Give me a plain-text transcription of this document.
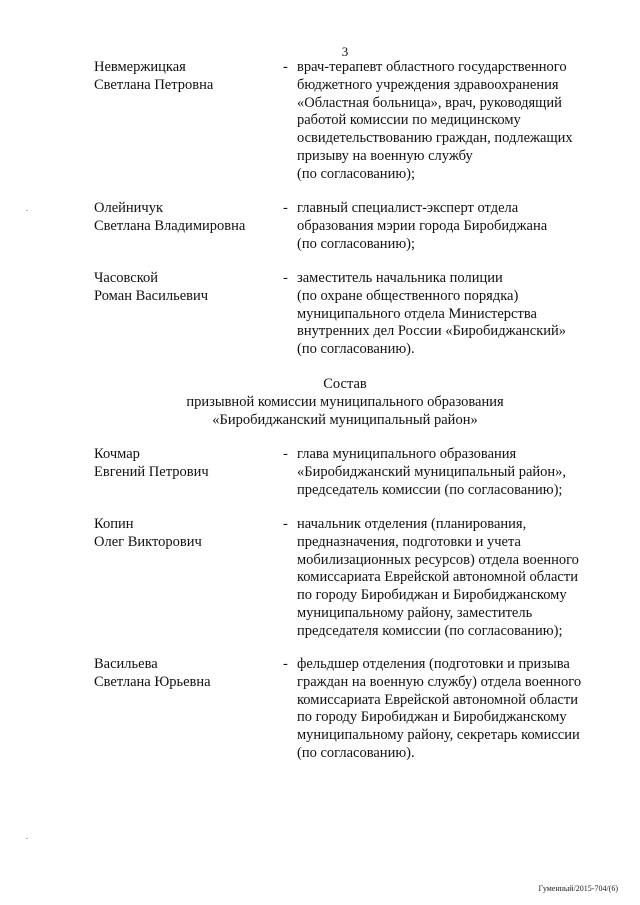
3
Невмержицкая
Светлана Петровна
- врач-терапевт областного государственного
бюджетного учреждения здравоохранения
«Областная больница», врач, руководящий
работой комиссии по медицинскому
освидетельствованию граждан, подлежащих
призыву на военную службу
(по согласованию);
Олейничук
Светлана Владимировна
- главный специалист-эксперт отдела
образования мэрии города Биробиджана
(по согласованию);
Часовской
Роман Васильевич
- заместитель начальника полиции
(по охране общественного порядка)
муниципального отдела Министерства
внутренних дел России «Биробиджанский»
(по согласованию).
Состав
призывной комиссии муниципального образования
«Биробиджанский муниципальный район»
Кочмар
Евгений Петрович
- глава муниципального образования
«Биробиджанский муниципальный район»,
председатель комиссии (по согласованию);
Копин
Олег Викторович
- начальник отделения (планирования,
предназначения, подготовки и учета
мобилизационных ресурсов) отдела военного
комиссариата Еврейской автономной области
по городу Биробиджан и Биробиджанскому
муниципальному району, заместитель
председателя комиссии (по согласованию);
Васильева
Светлана Юрьевна
- фельдшер отделения (подготовки и призыва
граждан на военную службу) отдела военного
комиссариата Еврейской автономной области
по городу Биробиджан и Биробиджанскому
муниципальному району, секретарь комиссии
(по согласованию).
Гуменный/2015-704/(6)
